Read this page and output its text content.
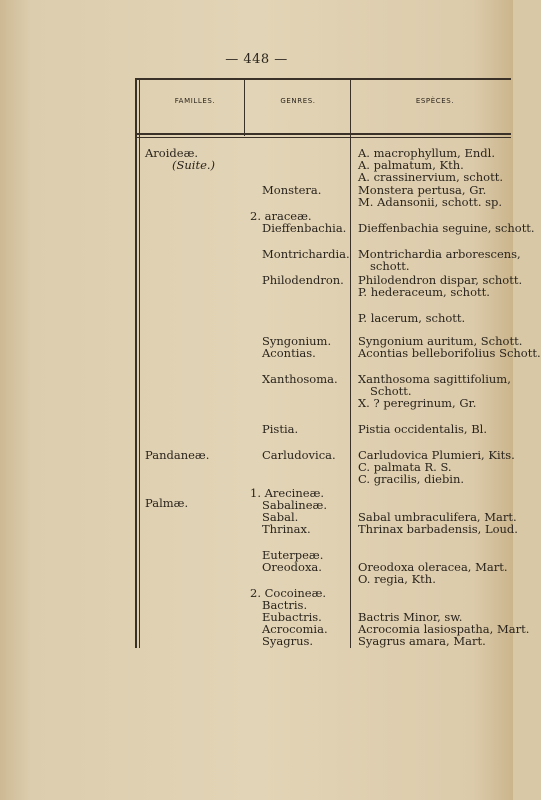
— 448 —
FAMILLES.	GENRES.	ESPÈCES.
Aroideæ.
(Suite.)
Pandaneæ.
Palmæ.
Monstera.
2. araceæ.
Dieffenbachia.
Montrichardia.
Philodendron.
Syngonium.
Acontias.
Xanthosoma.
Pistia.
Carludovica.
1. Arecineæ.
Sabalineæ.
Sabal.
Thrinax.
Euterpeæ.
Oreodoxa.
2. Cocoineæ.
Bactris.
Eubactris.
Acrocomia.
Syagrus.
A. macrophyllum, Endl.
A. palmatum, Kth.
A. crassinervium, schott.
Monstera pertusa, Gr.
M. Adansonii, schott. sp.
Dieffenbachia seguine, schott.
Montrichardia arborescens,
schott.
Philodendron dispar, schott.
P. hederaceum, schott.
P. lacerum, schott.
Syngonium auritum, Schott.
Acontias belleborifolius Schott.
Xanthosoma sagittifolium,
Schott.
X. ? peregrinum, Gr.
Pistia occidentalis, Bl.
Carludovica Plumieri, Kits.
C. palmata R. S.
C. gracilis, diebin.
Sabal umbraculifera, Mart.
Thrinax barbadensis, Loud.
Oreodoxa oleracea, Mart.
O. regia, Kth.
Bactris Minor, sw.
Acrocomia lasiospatha, Mart.
Syagrus amara, Mart.
